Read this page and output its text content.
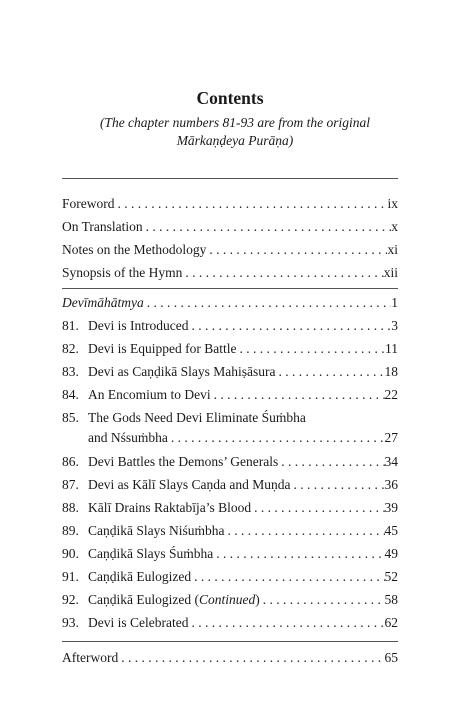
Contents
(The chapter numbers 81-93 are from the original
Mārkaṇḍeya Purāṇa)
Foreword . . .	ix
On Translation . . .	x
Notes on the Methodology . . .	xi
Synopsis of the Hymn . . .	xii
Devīmāhātmya . . .	1
81. Devi is Introduced . . .	3
82. Devi is Equipped for Battle . . .	11
83. Devi as Caṇḍikā Slays Mahiṣāsura . . .	18
84. An Encomium to Devi . . .	22
85. The Gods Need Devi Eliminate Śuṁbha
and Nśsuṁbha . . .	27
86. Devi Battles the Demons’ Generals . . .	34
87. Devi as Kālī Slays Caṇda and Muṇda . . .	36
88. Kālī Drains Raktabīja’s Blood . . .	39
89. Caṇḍikā Slays Niśuṁbha . . .	45
90. Caṇḍikā Slays Śuṁbha . . .	49
91. Caṇḍikā Eulogized . . .	52
92. Caṇḍikā Eulogized (Continued) . . .	58
93. Devi is Celebrated . . .	62
Afterword . . .	65
